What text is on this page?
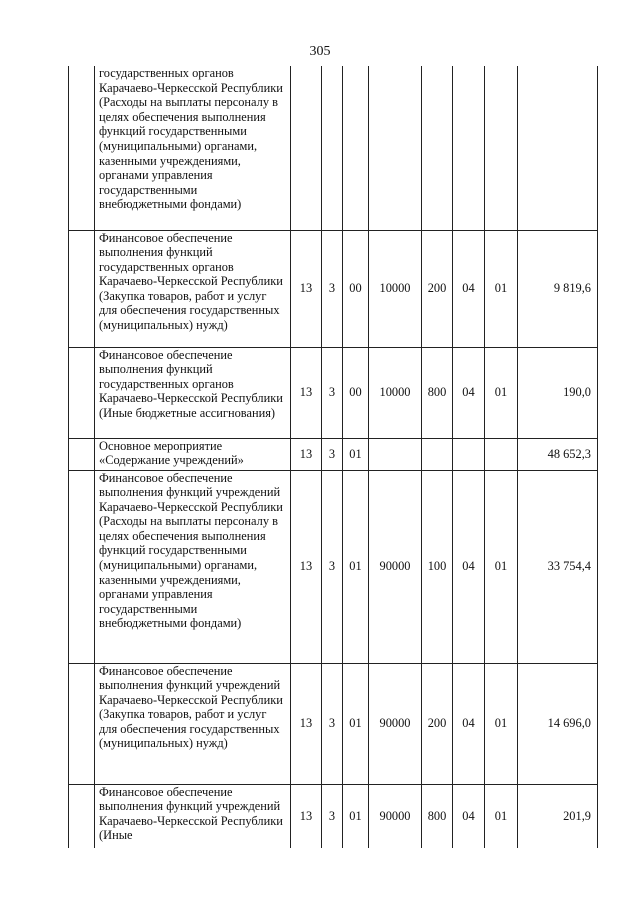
305
	государственных органов Карачаево-Черкесской Республики (Расходы на выплаты персоналу в целях обеспечения выполнения функций государственными (муниципальными) органами, казенными учреждениями, органами управления государственными внебюджетными фондами)								
	Финансовое обеспечение выполнения функций государственных органов Карачаево-Черкесской Республики (Закупка товаров, работ и услуг для обеспечения государственных (муниципальных) нужд)	13	3	00	10000	200	04	01	9 819,6
	Финансовое обеспечение выполнения функций государственных органов Карачаево-Черкесской Республики (Иные бюджетные ассигнования)	13	3	00	10000	800	04	01	190,0
	Основное мероприятие «Содержание учреждений»	13	3	01					48 652,3
	Финансовое обеспечение выполнения функций учреждений Карачаево-Черкесской Республики (Расходы на выплаты персоналу в целях обеспечения выполнения функций государственными (муниципальными) органами, казенными учреждениями, органами управления государственными внебюджетными фондами)	13	3	01	90000	100	04	01	33 754,4
	Финансовое обеспечение выполнения функций учреждений Карачаево-Черкесской Республики (Закупка товаров, работ и услуг для обеспечения государственных (муниципальных) нужд)	13	3	01	90000	200	04	01	14 696,0
	Финансовое обеспечение выполнения функций учреждений Карачаево-Черкесской Республики (Иные	13	3	01	90000	800	04	01	201,9
